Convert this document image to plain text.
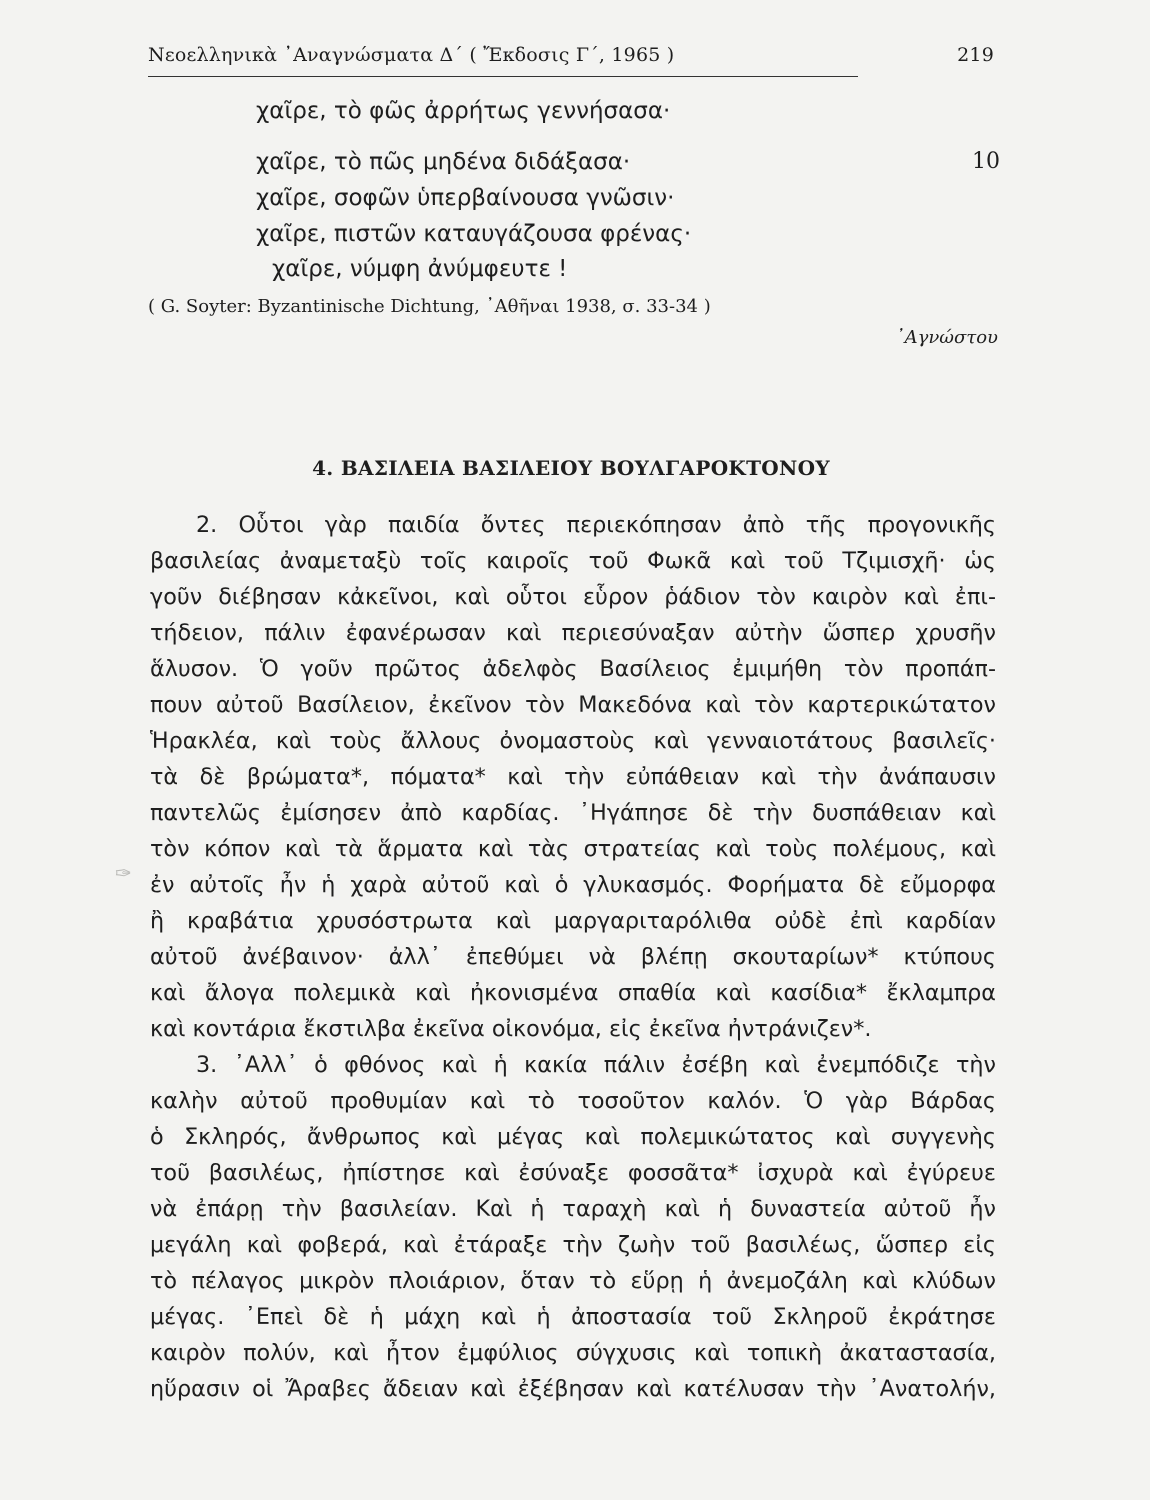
Νεοελληνικὰ ᾿Αναγνώσματα Δ΄ ( Ἔκδοσις Γ΄, 1965 )	219
χαῖρε, τὸ φῶς ἀρρήτως γεννήσασα·
χαῖρε, τὸ πῶς μηδένα διδάξασα·	10
χαῖρε, σοφῶν ὑπερβαίνουσα γνῶσιν·
χαῖρε, πιστῶν καταυγάζουσα φρένας·
χαῖρε, νύμφη ἀνύμφευτε !
( G. Soyter: Byzantinische Dichtung, ᾿Αθῆναι 1938, σ. 33-34 )
᾿Αγνώστου
4. ΒΑΣΙΛΕΙΑ ΒΑΣΙΛΕΙΟΥ ΒΟΥΛΓΑΡΟΚΤΟΝΟΥ
2. Οὗτοι γὰρ παιδία ὄντες περιεκόπησαν ἀπὸ τῆς προγονικῆς
βασιλείας ἀναμεταξὺ τοῖς καιροῖς τοῦ Φωκᾶ καὶ τοῦ Τζιμισχῆ· ὡς
γοῦν διέβησαν κἀκεῖνοι, καὶ οὗτοι εὗρον ῥάδιον τὸν καιρὸν καὶ ἐπι-
τήδειον, πάλιν ἐφανέρωσαν καὶ περιεσύναξαν αὐτὴν ὥσπερ χρυσῆν
ἅλυσον. Ὁ γοῦν πρῶτος ἀδελφὸς Βασίλειος ἐμιμήθη τὸν προπάπ-
πουν αὐτοῦ Βασίλειον, ἐκεῖνον τὸν Μακεδόνα καὶ τὸν καρτερικώτατον
Ἡρακλέα, καὶ τοὺς ἄλλους ὀνομαστοὺς καὶ γενναιοτάτους βασιλεῖς·
τὰ δὲ βρώματα*, πόματα* καὶ τὴν εὐπάθειαν καὶ τὴν ἀνάπαυσιν
παντελῶς ἐμίσησεν ἀπὸ καρδίας. ᾿Ηγάπησε δὲ τὴν δυσπάθειαν καὶ
τὸν κόπον καὶ τὰ ἅρματα καὶ τὰς στρατείας καὶ τοὺς πολέμους, καὶ
ἐν αὐτοῖς ἦν ἡ χαρὰ αὐτοῦ καὶ ὁ γλυκασμός. Φορήματα δὲ εὔμορφα
ἢ κραβάτια χρυσόστρωτα καὶ μαργαριταρόλιθα οὐδὲ ἐπὶ καρδίαν
αὐτοῦ ἀνέβαινον· ἀλλ᾿ ἐπεθύμει νὰ βλέπῃ σκουταρίων* κτύπους
καὶ ἄλογα πολεμικὰ καὶ ἠκονισμένα σπαθία καὶ κασίδια* ἔκλαμπρα
καὶ κοντάρια ἔκστιλβα ἐκεῖνα οἰκονόμα, εἰς ἐκεῖνα ἠντράνιζεν*.
3. ᾿Αλλ᾿ ὁ φθόνος καὶ ἡ κακία πάλιν ἐσέβη καὶ ἐνεμπόδιζε τὴν
καλὴν αὐτοῦ προθυμίαν καὶ τὸ τοσοῦτον καλόν. Ὁ γὰρ Βάρδας
ὁ Σκληρός, ἄνθρωπος καὶ μέγας καὶ πολεμικώτατος καὶ συγγενὴς
τοῦ βασιλέως, ἠπίστησε καὶ ἐσύναξε φοσσᾶτα* ἰσχυρὰ καὶ ἐγύρευε
νὰ ἐπάρῃ τὴν βασιλείαν. Καὶ ἡ ταραχὴ καὶ ἡ δυναστεία αὐτοῦ ἦν
μεγάλη καὶ φοβερά, καὶ ἐτάραξε τὴν ζωὴν τοῦ βασιλέως, ὥσπερ εἰς
τὸ πέλαγος μικρὸν πλοιάριον, ὅταν τὸ εὕρῃ ἡ ἀνεμοζάλη καὶ κλύδων
μέγας. ᾿Επεὶ δὲ ἡ μάχη καὶ ἡ ἀποστασία τοῦ Σκληροῦ ἐκράτησε
καιρὸν πολύν, καὶ ἦτον ἐμφύλιος σύγχυσις καὶ τοπικὴ ἀκαταστασία,
ηὕρασιν οἱ Ἄραβες ἄδειαν καὶ ἐξέβησαν καὶ κατέλυσαν τὴν ᾿Ανατολήν,
✑
